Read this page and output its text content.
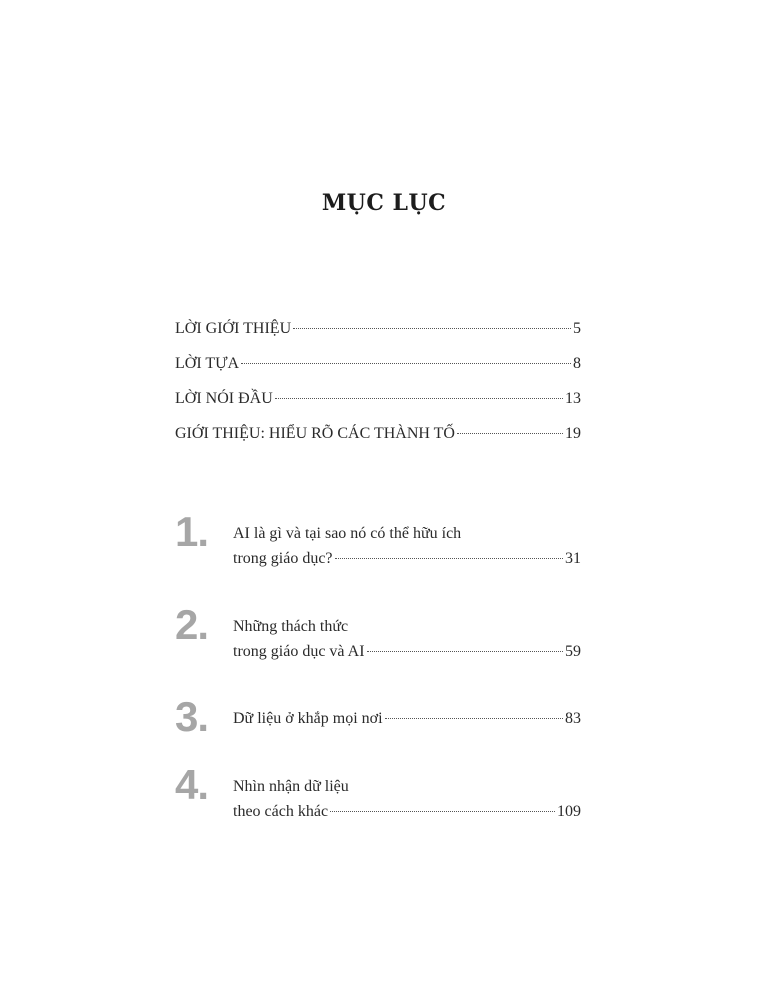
MỤC LỤC
LỜI GIỚI THIỆU	5
LỜI TỰA	8
LỜI NÓI ĐẦU	13
GIỚI THIỆU: HIỂU RÕ CÁC THÀNH TỐ	19
1. AI là gì và tại sao nó có thể hữu ích
trong giáo dục?	31
2. Những thách thức
trong giáo dục và AI	59
3. Dữ liệu ở khắp mọi nơi	83
4. Nhìn nhận dữ liệu
theo cách khác	109
